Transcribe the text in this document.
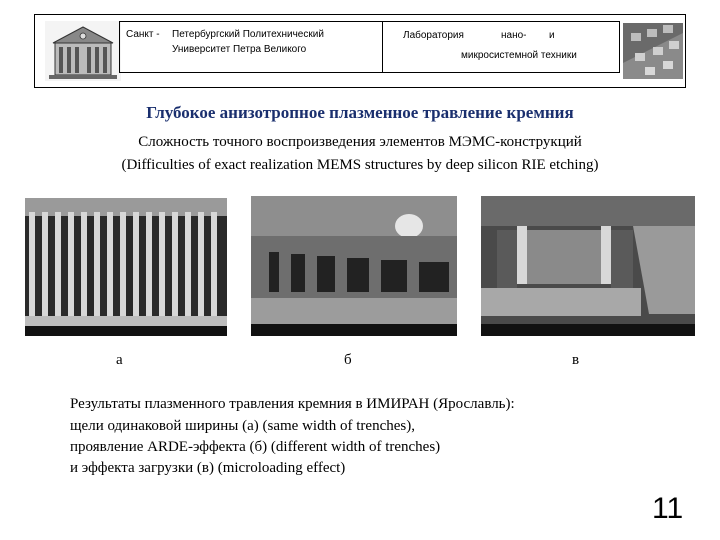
Санкт - Петербургский Политехнический
Университет Петра Великого
Лаборатория	нано- и
микросистемной техники
Глубокое анизотропное плазменное травление кремния
Сложность точного воспроизведения элементов МЭМС-конструкций
(Difficulties of exact realization MEMS structures by deep silicon RIE etching)
а	б	в
Результаты плазменного травления кремния в ИМИРАН (Ярославль):
щели одинаковой ширины (а) (same width of trenches),
проявление ARDE-эффекта (б) (different width of trenches)
и эффекта загрузки (в) (microloading effect)
11
